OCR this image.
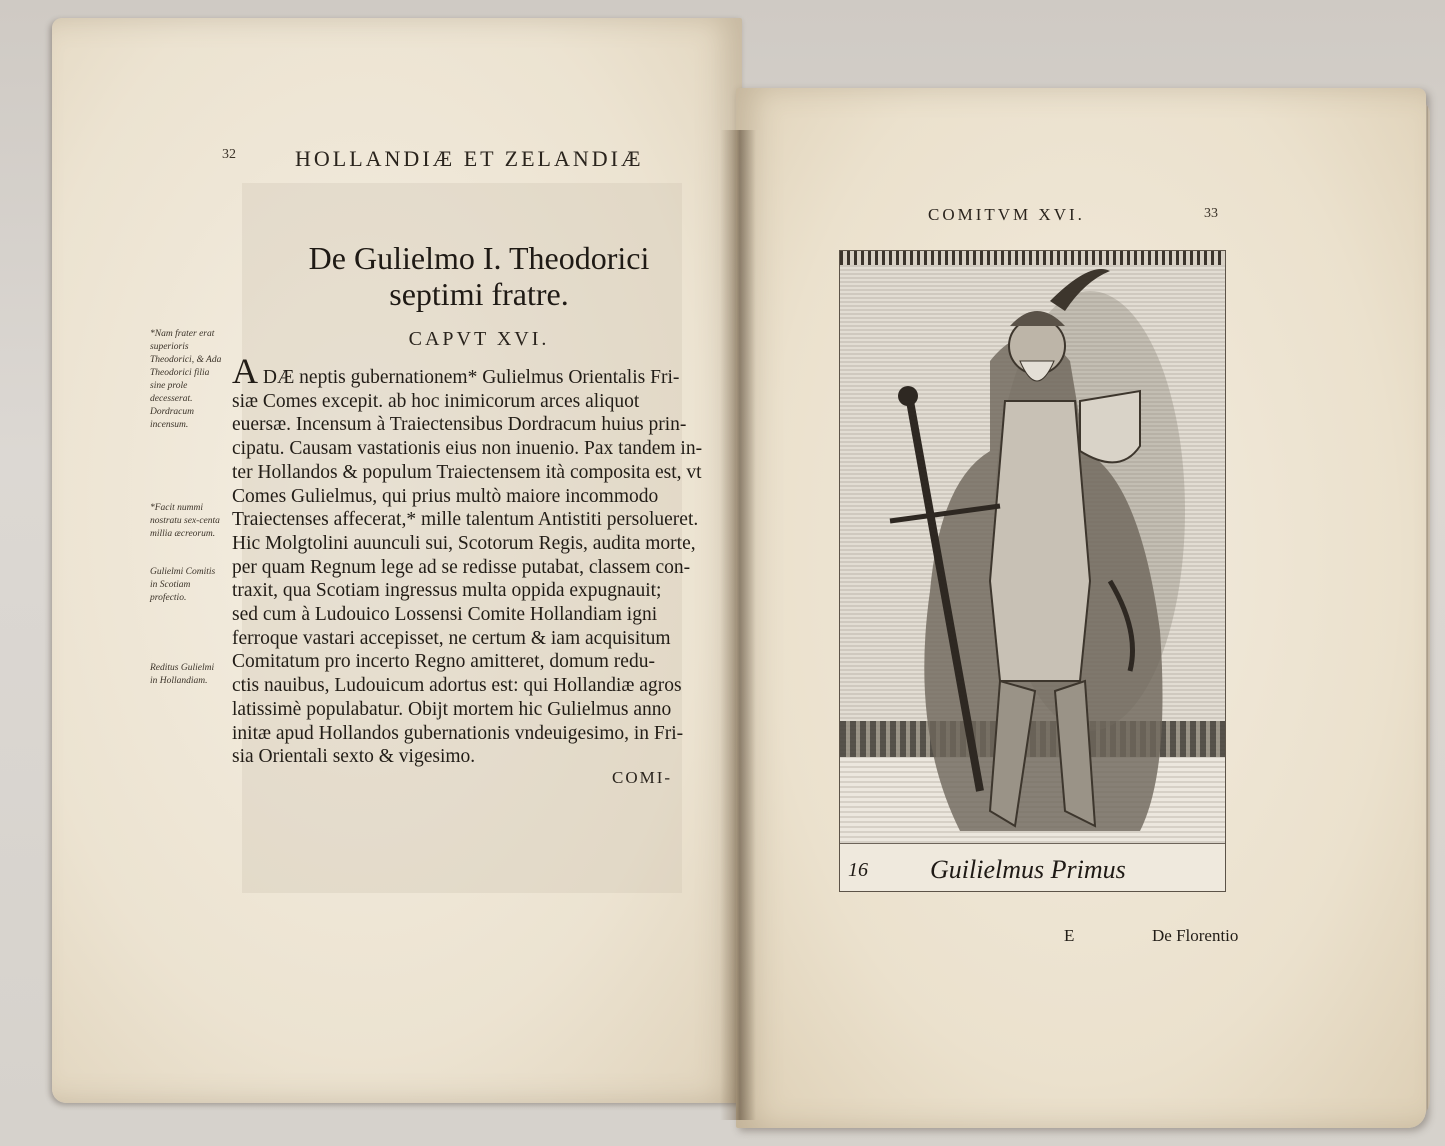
32	HOLLANDIÆ ET ZELANDIÆ
De Gulielmo I. Theodorici
septimi fratre.
CAPVT XVI.
*Nam frater erat superioris Theodorici, & Ada Theodorici filia sine prole decesserat. Dordracum incensum.
*Facit nummi nostratu sex-centa millia æcreorum.
Gulielmi Comitis in Scotiam profectio.
Reditus Gulielmi in Hollandiam.
A DÆ neptis gubernationem* Gulielmus Orientalis Fri-
siæ Comes excepit. ab hoc inimicorum arces aliquot
euersæ. Incensum à Traiectensibus Dordracum huius prin-
cipatu. Causam vastationis eius non inuenio. Pax tandem in-
ter Hollandos & populum Traiectensem ità composita est, vt
Comes Gulielmus, qui prius multò maiore incommodo
Traiectenses affecerat,* mille talentum Antistiti persolueret.
Hic Molgtolini auunculi sui, Scotorum Regis, audita morte,
per quam Regnum lege ad se redisse putabat, classem con-
traxit, qua Scotiam ingressus multa oppida expugnauit;
sed cum à Ludouico Lossensi Comite Hollandiam igni
ferroque vastari accepisset, ne certum & iam acquisitum
Comitatum pro incerto Regno amitteret, domum redu-
ctis nauibus, Ludouicum adortus est: qui Hollandiæ agros
latissimè populabatur. Obijt mortem hic Gulielmus anno
initæ apud Hollandos gubernationis vndeuigesimo, in Fri-
sia Orientali sexto & vigesimo.
COMI-
COMITVM XVI.	33
16 Guilielmus Primus
E	De Florentio
